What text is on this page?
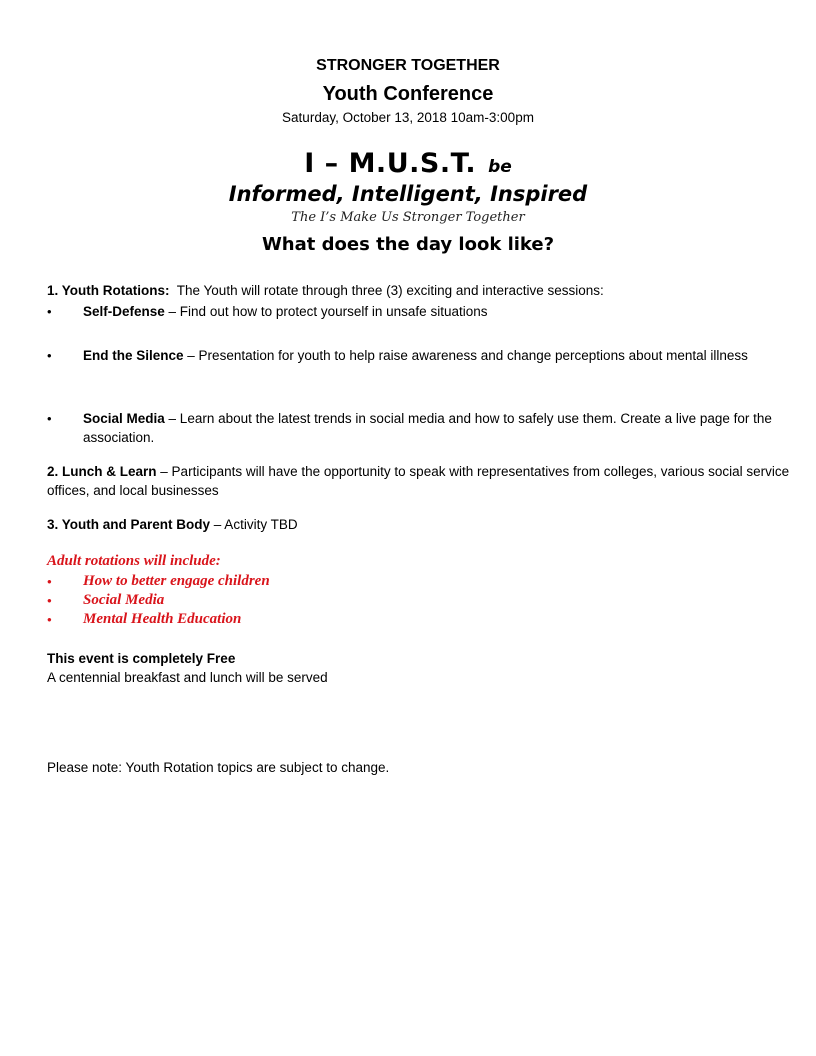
STRONGER TOGETHER
Youth Conference
Saturday, October 13, 2018 10am-3:00pm
I – M.U.S.T. be
Informed, Intelligent, Inspired
The I’s Make Us Stronger Together
What does the day look like?
1. Youth Rotations: The Youth will rotate through three (3) exciting and interactive sessions:
• Self-Defense – Find out how to protect yourself in unsafe situations
• End the Silence – Presentation for youth to help raise awareness and change perceptions about mental illness
• Social Media – Learn about the latest trends in social media and how to safely use them. Create a live page for the association.
2. Lunch & Learn – Participants will have the opportunity to speak with representatives from colleges, various social service offices, and local businesses
3. Youth and Parent Body – Activity TBD
Adult rotations will include:
• How to better engage children
• Social Media
• Mental Health Education
This event is completely Free
A centennial breakfast and lunch will be served
Please note: Youth Rotation topics are subject to change.
